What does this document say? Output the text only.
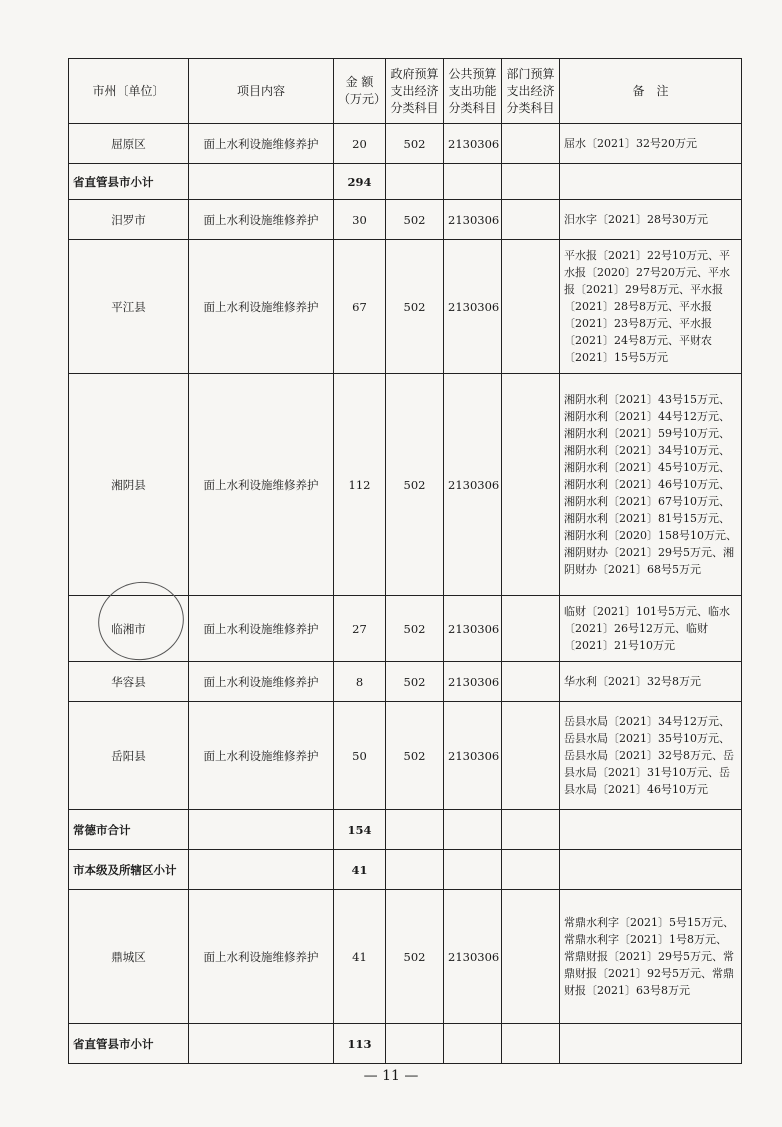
市州〔单位〕	项目内容	金 额（万元）	政府预算支出经济分类科目	公共预算支出功能分类科目	部门预算支出经济分类科目	备　注
屈原区	面上水利设施维修养护	20	502	2130306		屈水〔2021〕32号20万元
省直管县市小计		294				
汨罗市	面上水利设施维修养护	30	502	2130306		汨水字〔2021〕28号30万元
平江县	面上水利设施维修养护	67	502	2130306		平水报〔2021〕22号10万元、平水报〔2020〕27号20万元、平水报〔2021〕29号8万元、平水报〔2021〕28号8万元、平水报〔2021〕23号8万元、平水报〔2021〕24号8万元、平财农〔2021〕15号5万元
湘阴县	面上水利设施维修养护	112	502	2130306		湘阴水利〔2021〕43号15万元、湘阴水利〔2021〕44号12万元、湘阴水利〔2021〕59号10万元、湘阴水利〔2021〕34号10万元、湘阴水利〔2021〕45号10万元、湘阴水利〔2021〕46号10万元、湘阴水利〔2021〕67号10万元、湘阴水利〔2021〕81号15万元、湘阴水利〔2020〕158号10万元、湘阴财办〔2021〕29号5万元、湘阴财办〔2021〕68号5万元
临湘市	面上水利设施维修养护	27	502	2130306		临财〔2021〕101号5万元、临水〔2021〕26号12万元、临财〔2021〕21号10万元
华容县	面上水利设施维修养护	8	502	2130306		华水利〔2021〕32号8万元
岳阳县	面上水利设施维修养护	50	502	2130306		岳县水局〔2021〕34号12万元、岳县水局〔2021〕35号10万元、岳县水局〔2021〕32号8万元、岳县水局〔2021〕31号10万元、岳县水局〔2021〕46号10万元
常德市合计		154				
市本级及所辖区小计		41				
鼎城区	面上水利设施维修养护	41	502	2130306		常鼎水利字〔2021〕5号15万元、常鼎水利字〔2021〕1号8万元、常鼎财报〔2021〕29号5万元、常鼎财报〔2021〕92号5万元、常鼎财报〔2021〕63号8万元
省直管县市小计		113				
— 11 —
